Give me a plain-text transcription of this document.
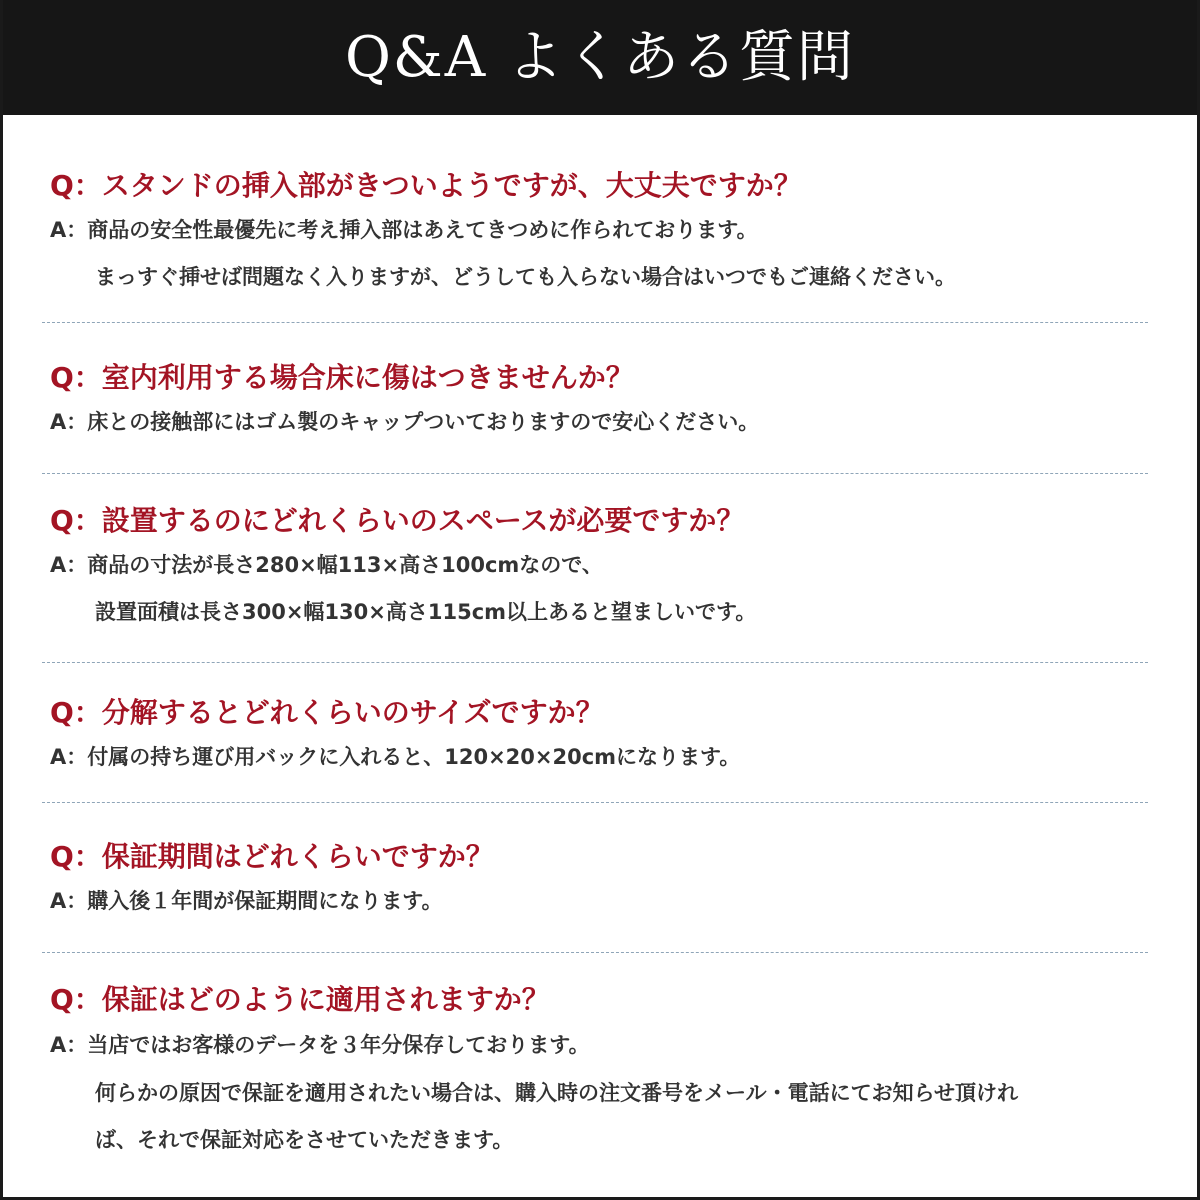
Q&A よくある質問
Q：スタンドの挿入部がきついようですが、大丈夫ですか？
A：商品の安全性最優先に考え挿入部はあえてきつめに作られております。
まっすぐ挿せば問題なく入りますが、どうしても入らない場合はいつでもご連絡ください。
Q：室内利用する場合床に傷はつきませんか？
A：床との接触部にはゴム製のキャップついておりますので安心ください。
Q：設置するのにどれくらいのスペースが必要ですか？
A：商品の寸法が長さ280×幅113×高さ100cmなので、
設置面積は長さ300×幅130×高さ115cm以上あると望ましいです。
Q：分解するとどれくらいのサイズですか？
A：付属の持ち運び用バックに入れると、120×20×20cmになります。
Q：保証期間はどれくらいですか？
A：購入後１年間が保証期間になります。
Q：保証はどのように適用されますか？
A：当店ではお客様のデータを３年分保存しております。
何らかの原因で保証を適用されたい場合は、購入時の注文番号をメール・電話にてお知らせ頂けれ
ば、それで保証対応をさせていただきます。
